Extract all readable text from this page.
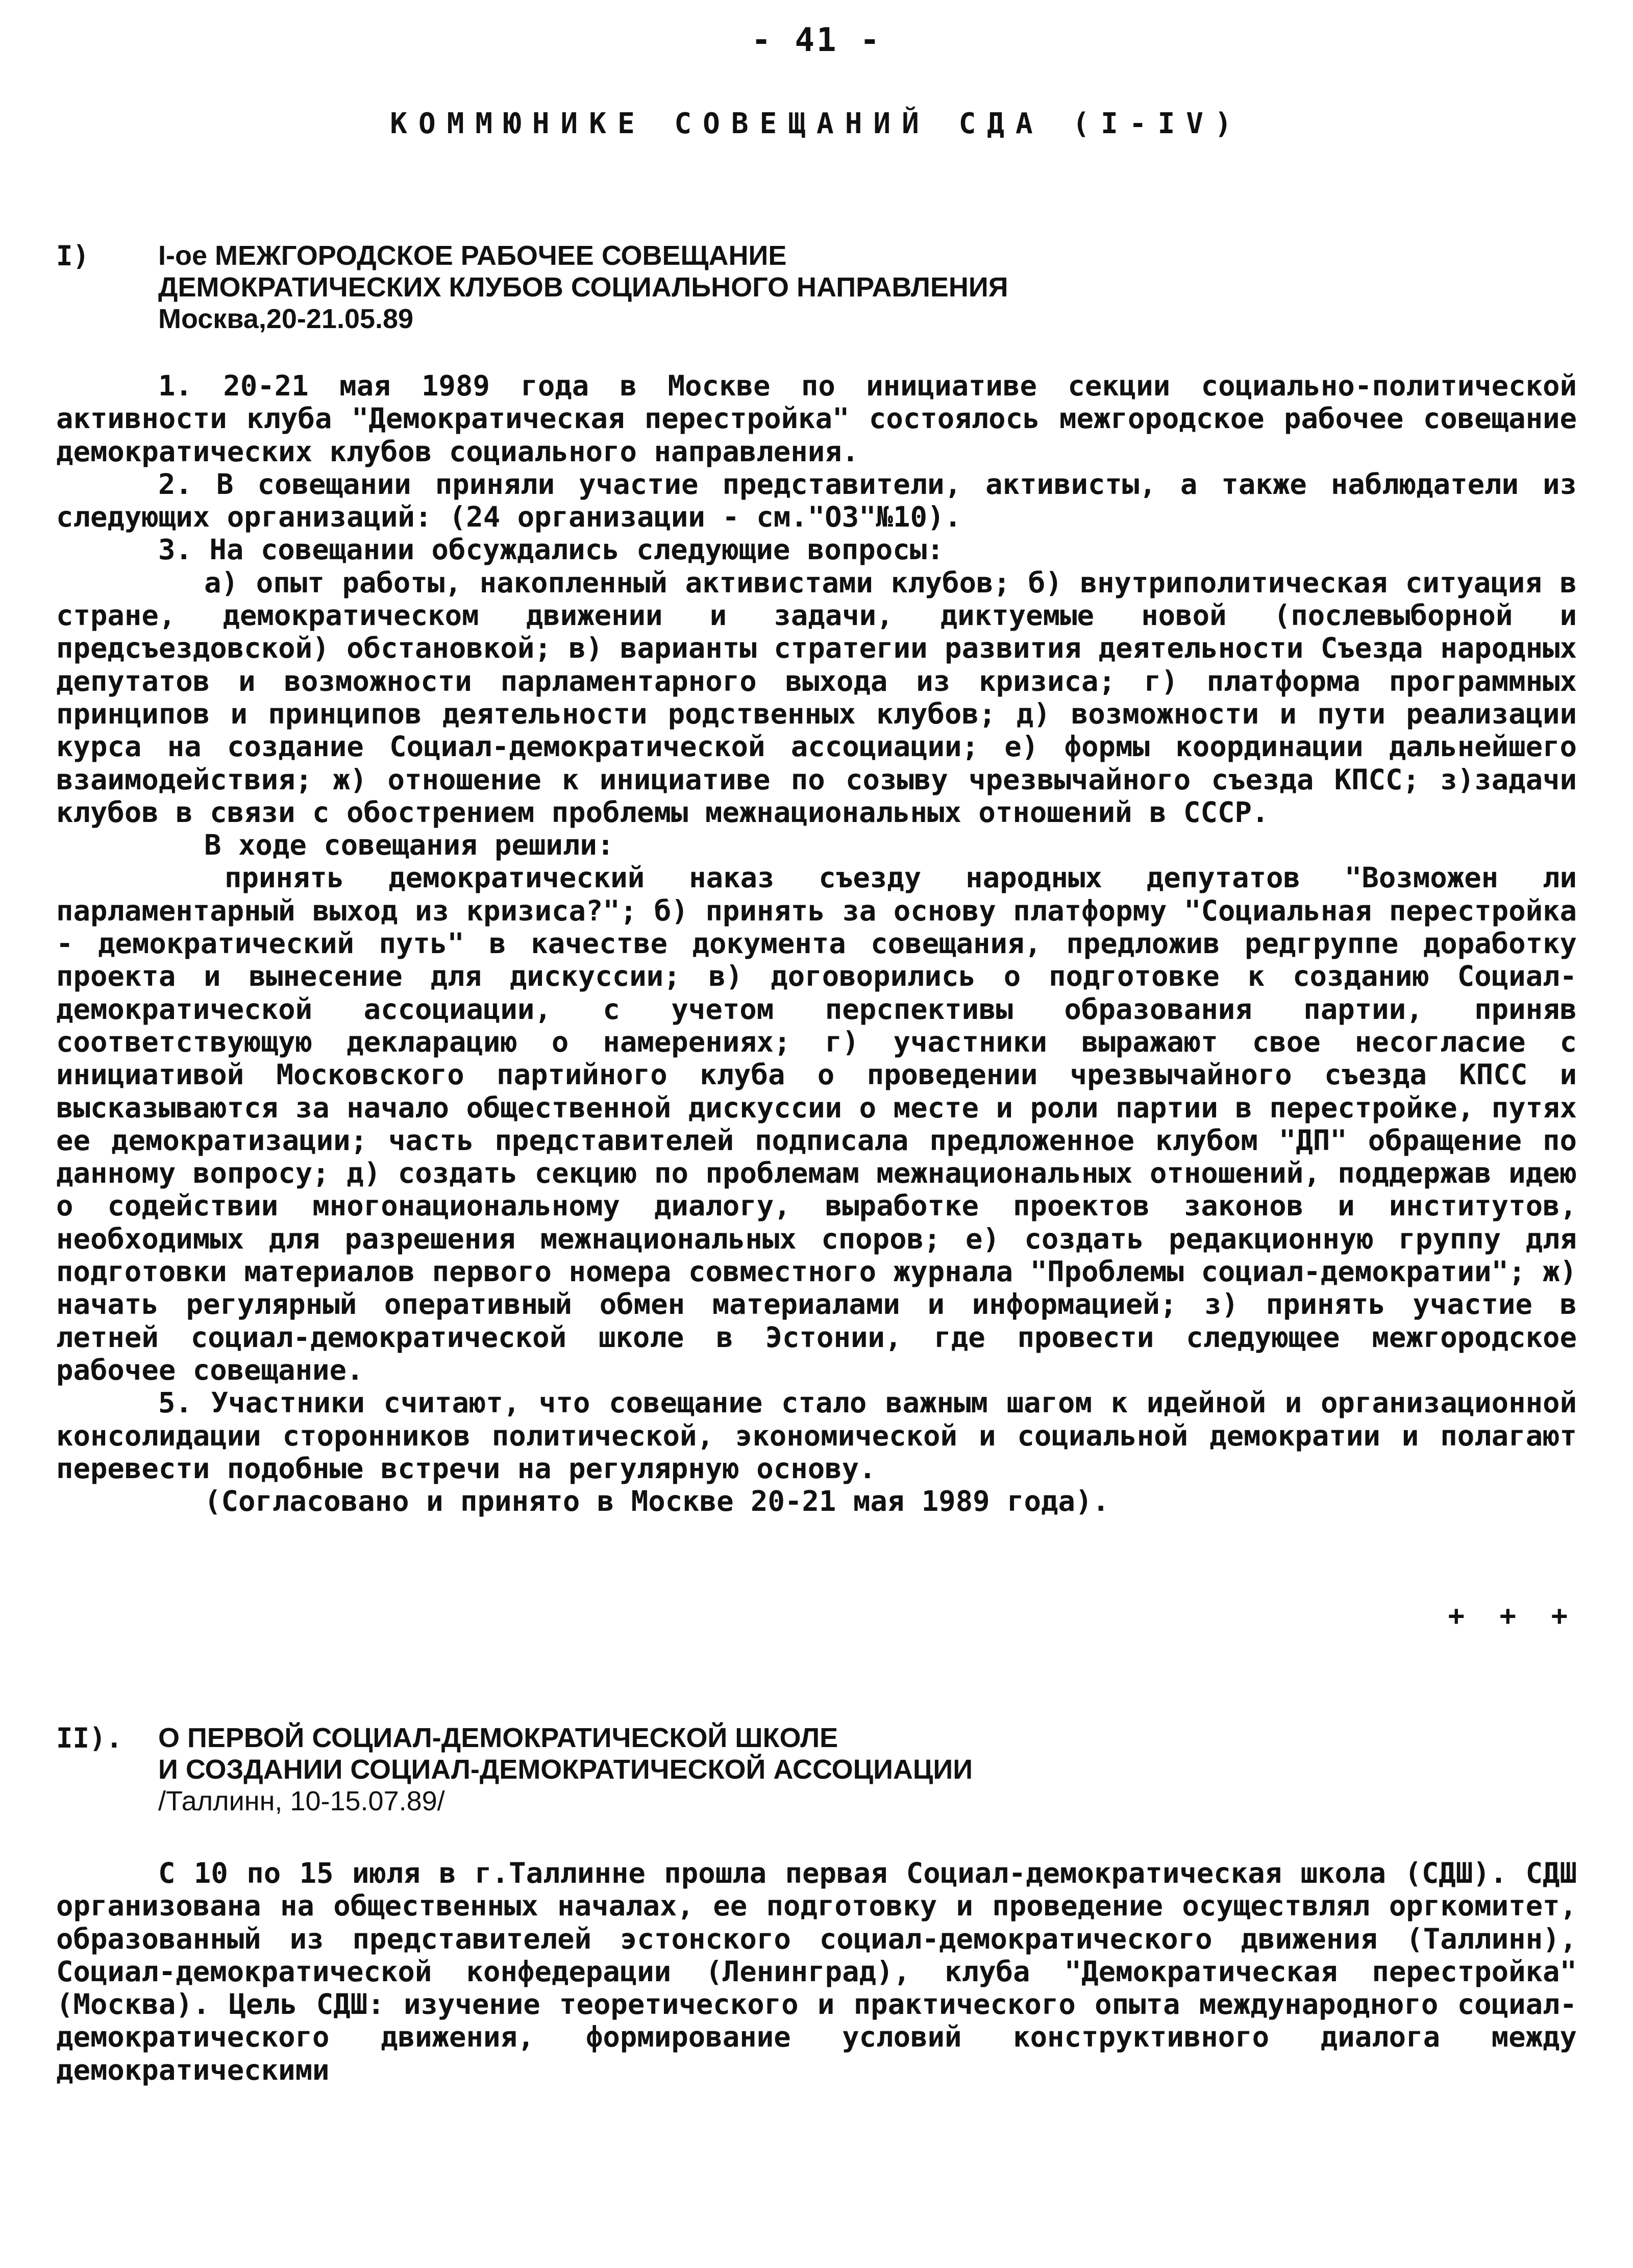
- 41 -
КОММЮНИКЕ СОВЕЩАНИЙ СДА (I-IV)
I) I-ое МЕЖГОРОДСКОЕ РАБОЧЕЕ СОВЕЩАНИЕ
ДЕМОКРАТИЧЕСКИХ КЛУБОВ СОЦИАЛЬНОГО НАПРАВЛЕНИЯ
Москва,20-21.05.89

1. 20-21 мая 1989 года в Москве по инициативе секции социально-политической активности клуба "Демократическая перестройка" состоялось межгородское рабочее совещание демократических клубов социального направления.

2. В совещании приняли участие представители, активисты, а также наблюдатели из следующих организаций: (24 организации - см."ОЗ"№10).

3. На совещании обсуждались следующие вопросы:

а) опыт работы, накопленный активистами клубов; б) внутриполитическая ситуация в стране, демократическом движении и задачи, диктуемые новой (послевыборной и предсъездовской) обстановкой; в) варианты стратегии развития деятельности Съезда народных депутатов и возможности парламентарного выхода из кризиса; г) платформа программных принципов и принципов деятельности родственных клубов; д) возможности и пути реализации курса на создание Социал-демократической ассоциации; е) формы координации дальнейшего взаимодействия; ж) отношение к инициативе по созыву чрезвычайного съезда КПСС; з)задачи клубов в связи с обострением проблемы межнациональных отношений в СССР.

В ходе совещания решили:

принять демократический наказ съезду народных депутатов "Возможен ли парламентарный выход из кризиса?"; б) принять за основу платформу "Социальная перестройка - демократический путь" в качестве документа совещания, предложив редгруппе доработку проекта и вынесение для дискуссии; в) договорились о подготовке к созданию Социал-демократической ассоциации, с учетом перспективы образования партии, приняв соответствующую декларацию о намерениях; г) участники выражают свое несогласие с инициативой Московского партийного клуба о проведении чрезвычайного съезда КПСС и высказываются за начало общественной дискуссии о месте и роли партии в перестройке, путях ее демократизации; часть представителей подписала предложенное клубом "ДП" обращение по данному вопросу; д) создать секцию по проблемам межнациональных отношений, поддержав идею о содействии многонациональному диалогу, выработке проектов законов и институтов, необходимых для разрешения межнациональных споров; е) создать редакционную группу для подготовки материалов первого номера совместного журнала "Проблемы социал-демократии"; ж) начать регулярный оперативный обмен материалами и информацией; з) принять участие в летней социал-демократической школе в Эстонии, где провести следующее межгородское рабочее совещание.

5. Участники считают, что совещание стало важным шагом к идейной и организационной консолидации сторонников политической, экономической и социальной демократии и полагают перевести подобные встречи на регулярную основу.

(Согласовано и принято в Москве 20-21 мая 1989 года).

+ + +
II). О ПЕРВОЙ СОЦИАЛ-ДЕМОКРАТИЧЕСКОЙ ШКОЛЕ
И СОЗДАНИИ СОЦИАЛ-ДЕМОКРАТИЧЕСКОЙ АССОЦИАЦИИ
/Таллинн, 10-15.07.89/

С 10 по 15 июля в г.Таллинне прошла первая Социал-демократическая школа (СДШ). СДШ организована на общественных началах, ее подготовку и проведение осуществлял оргкомитет, образованный из представителей эстонского социал-демократического движения (Таллинн), Социал-демократической конфедерации (Ленинград), клуба "Демократическая перестройка"(Москва). Цель СДШ: изучение теоретического и практического опыта международного социал-демократического движения, формирование условий конструктивного диалога между демократическими
